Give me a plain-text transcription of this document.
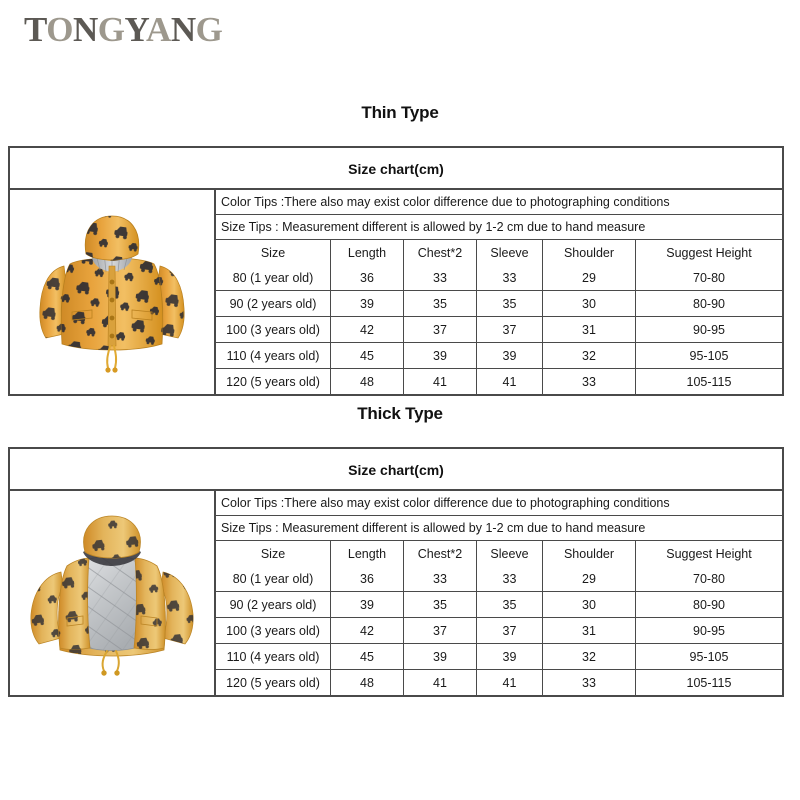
TONGYANG
Thin Type
Size chart(cm)
Color Tips :There also may exist color difference due to photographing conditions
Size Tips : Measurement different is allowed by 1-2 cm due to hand measure
Size	Length	Chest*2	Sleeve	Shoulder	Suggest Height
80 (1 year old)	36	33	33	29	70-80
90 (2 years old)	39	35	35	30	80-90
100 (3 years old)	42	37	37	31	90-95
110 (4 years old)	45	39	39	32	95-105
120 (5 years old)	48	41	41	33	105-115
Thick Type
Size chart(cm)
Color Tips :There also may exist color difference due to photographing conditions
Size Tips : Measurement different is allowed by 1-2 cm due to hand measure
Size	Length	Chest*2	Sleeve	Shoulder	Suggest Height
80 (1 year old)	36	33	33	29	70-80
90 (2 years old)	39	35	35	30	80-90
100 (3 years old)	42	37	37	31	90-95
110 (4 years old)	45	39	39	32	95-105
120 (5 years old)	48	41	41	33	105-115
